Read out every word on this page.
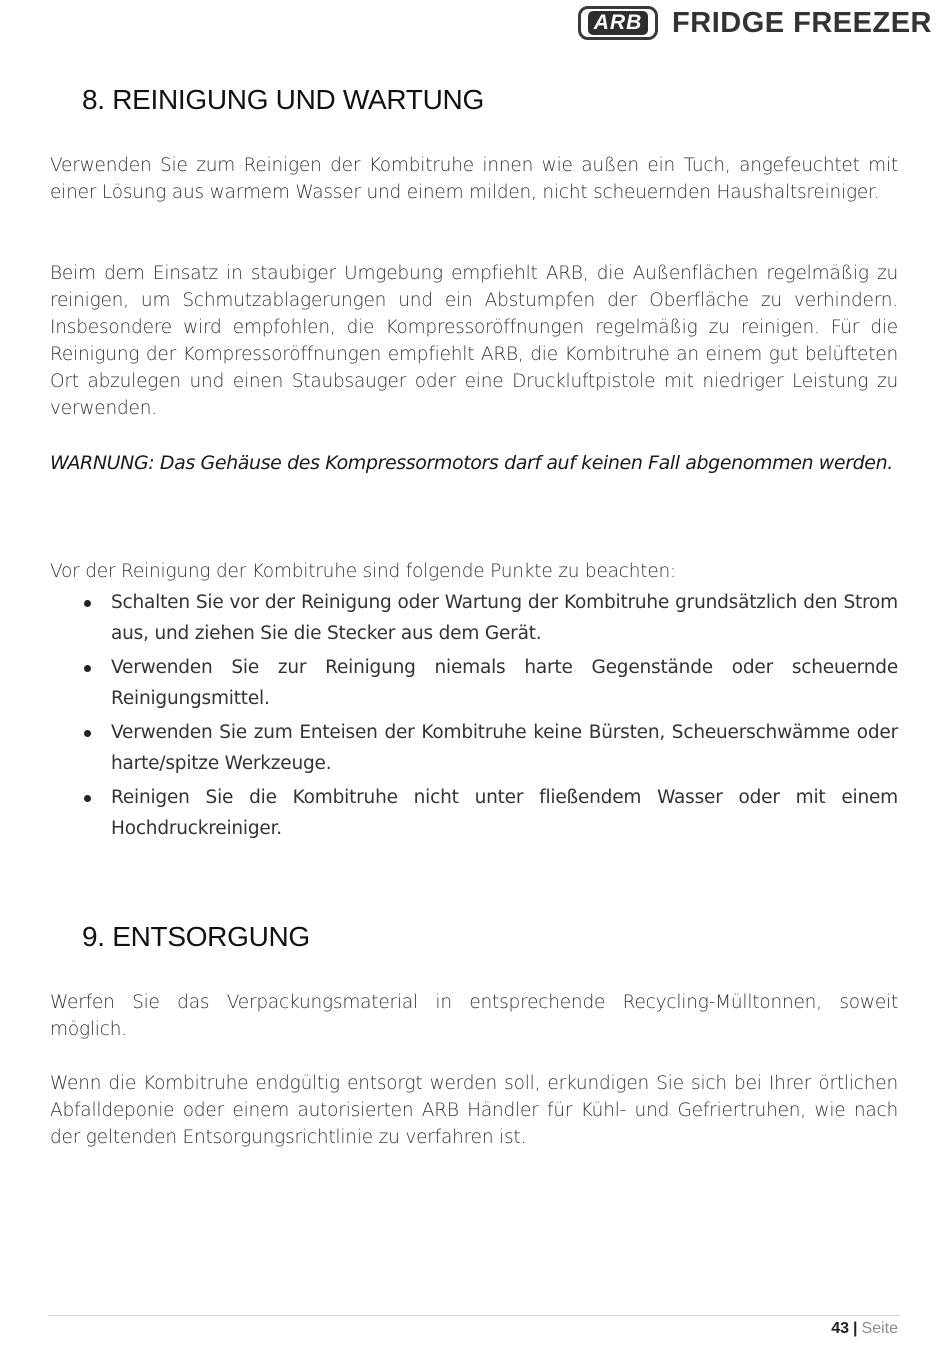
ARB FRIDGE FREEZER
8. REINIGUNG UND WARTUNG

Verwenden Sie zum Reinigen der Kombitruhe innen wie außen ein Tuch, angefeuchtet mit einer Lösung aus warmem Wasser und einem milden, nicht scheuernden Haushaltsreiniger.

Beim dem Einsatz in staubiger Umgebung empfiehlt ARB, die Außenflächen regelmäßig zu reinigen, um Schmutzablagerungen und ein Abstumpfen der Oberfläche zu verhindern. Insbesondere wird empfohlen, die Kompressoröffnungen regelmäßig zu reinigen. Für die Reinigung der Kompressoröffnungen empfiehlt ARB, die Kombitruhe an einem gut belüfteten Ort abzulegen und einen Staubsauger oder eine Druckluftpistole mit niedriger Leistung zu verwenden.

WARNUNG: Das Gehäuse des Kompressormotors darf auf keinen Fall abgenommen werden.

Vor der Reinigung der Kombitruhe sind folgende Punkte zu beachten:

Schalten Sie vor der Reinigung oder Wartung der Kombitruhe grundsätzlich den Strom aus, und ziehen Sie die Stecker aus dem Gerät.
Verwenden Sie zur Reinigung niemals harte Gegenstände oder scheuernde Reinigungsmittel.
Verwenden Sie zum Enteisen der Kombitruhe keine Bürsten, Scheuerschwämme oder harte/spitze Werkzeuge.
Reinigen Sie die Kombitruhe nicht unter fließendem Wasser oder mit einem Hochdruckreiniger.
9. ENTSORGUNG

Werfen Sie das Verpackungsmaterial in entsprechende Recycling-Mülltonnen, soweit möglich.

Wenn die Kombitruhe endgültig entsorgt werden soll, erkundigen Sie sich bei Ihrer örtlichen Abfalldeponie oder einem autorisierten ARB Händler für Kühl- und Gefriertruhen, wie nach der geltenden Entsorgungsrichtlinie zu verfahren ist.

43 | Seite
